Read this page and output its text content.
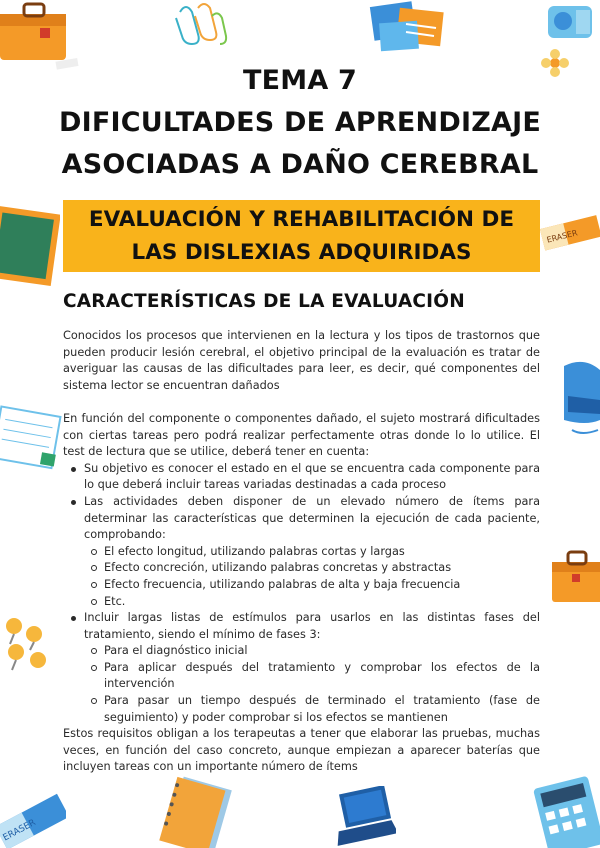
ERASER
ERASER
TEMA 7
DIFICULTADES DE APRENDIZAJE
ASOCIADAS A DAÑO CEREBRAL
EVALUACIÓN Y REHABILITACIÓN DE
LAS DISLEXIAS ADQUIRIDAS
CARACTERÍSTICAS DE LA EVALUACIÓN

Conocidos los procesos que intervienen en la lectura y los tipos de trastornos que pueden producir lesión cerebral, el objetivo principal de la evaluación es tratar de averiguar las causas de las dificultades para leer, es decir, qué componentes del sistema lector se encuentran dañados

En función del componente o componentes dañado, el sujeto mostrará dificultades con ciertas tareas pero podrá realizar perfectamente otras donde lo lo utilice. El test de lectura que se utilice, deberá tener en cuenta:

Su objetivo es conocer el estado en el que se encuentra cada componente para lo que deberá incluir tareas variadas destinadas a cada proceso
Las actividades deben disponer de un elevado número de ítems para determinar las características que determinen la ejecución de cada paciente, comprobando:
El efecto longitud, utilizando palabras cortas y largas
Efecto concreción, utilizando palabras concretas y abstractas
Efecto frecuencia, utilizando palabras de alta y baja frecuencia
Etc.
Incluir largas listas de estímulos para usarlos en las distintas fases del tratamiento, siendo el mínimo de fases 3:
Para el diagnóstico inicial
Para aplicar después del tratamiento y comprobar los efectos de la intervención
Para pasar un tiempo después de terminado el tratamiento (fase de seguimiento) y poder comprobar si los efectos se mantienen

Estos requisitos obligan a los terapeutas a tener que elaborar las pruebas, muchas veces, en función del caso concreto, aunque empiezan a aparecer baterías que incluyen tareas con un importante número de ítems
